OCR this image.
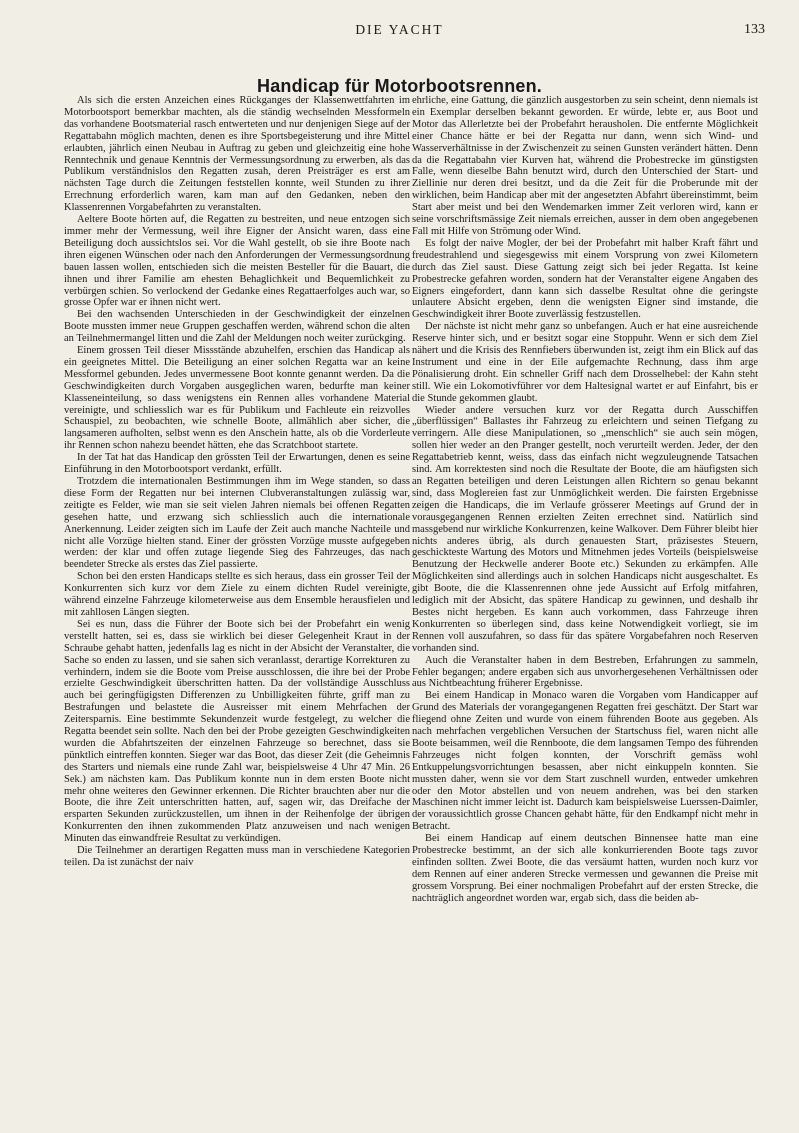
DIE YACHT	133
Handicap für Motorbootsrennen.

Als sich die ersten Anzeichen eines Rückganges der Klassenwettfahrten im Motorbootsport bemerkbar machten, als die ständig wechselnden Messformeln das vorhandene Bootsmaterial rasch entwerteten und nur denjenigen Siege auf der Regattabahn möglich machten, denen es ihre Sportsbegeisterung und ihre Mittel erlaubten, jährlich einen Neubau in Auftrag zu geben und gleichzeitig eine hohe Renntechnik und genaue Kenntnis der Vermessungsordnung zu erwerben, als das Publikum verständnislos den Regatten zusah, deren Preisträger es erst am nächsten Tage durch die Zeitungen feststellen konnte, weil Stunden zu ihrer Errechnung erforderlich waren, kam man auf den Gedanken, neben den Klassenrennen Vorgabefahrten zu veranstalten.

Aeltere Boote hörten auf, die Regatten zu bestreiten, und neue entzogen sich immer mehr der Vermessung, weil ihre Eigner der Ansicht waren, dass eine Beteiligung doch aussichtslos sei. Vor die Wahl gestellt, ob sie ihre Boote nach ihren eigenen Wünschen oder nach den Anforderungen der Vermessungsordnung bauen lassen wollen, entschieden sich die meisten Besteller für die Bauart, die ihnen und ihrer Familie am ehesten Behaglichkeit und Bequemlichkeit zu verbürgen schien. So verlockend der Gedanke eines Regattaerfolges auch war, so grosse Opfer war er ihnen nicht wert.

Bei den wachsenden Unterschieden in der Geschwindigkeit der einzelnen Boote mussten immer neue Gruppen geschaffen werden, während schon die alten an Teilnehmermangel litten und die Zahl der Meldungen noch weiter zurückging.

Einem grossen Teil dieser Missstände abzuhelfen, erschien das Handicap als ein geeignetes Mittel. Die Beteiligung an einer solchen Regatta war an keine Messformel gebunden. Jedes unvermessene Boot konnte genannt werden. Da die Geschwindigkeiten durch Vorgaben ausgeglichen waren, bedurfte man keiner Klasseneinteilung, so dass wenigstens ein Rennen alles vorhandene Material vereinigte, und schliesslich war es für Publikum und Fachleute ein reizvolles Schauspiel, zu beobachten, wie schnelle Boote, allmählich aber sicher, die langsameren aufholten, selbst wenn es den Anschein hatte, als ob die Vorderleute ihr Rennen schon nahezu beendet hätten, ehe das Scratchboot startete.

In der Tat hat das Handicap den grössten Teil der Erwartungen, denen es seine Einführung in den Motorbootsport verdankt, erfüllt.

Trotzdem die internationalen Bestimmungen ihm im Wege standen, so dass diese Form der Regatten nur bei internen Clubveranstaltungen zulässig war, zeitigte es Felder, wie man sie seit vielen Jahren niemals bei offenen Regatten gesehen hatte, und erzwang sich schliesslich auch die internationale Anerkennung. Leider zeigten sich im Laufe der Zeit auch manche Nachteile und nicht alle Vorzüge hielten stand. Einer der grössten Vorzüge musste aufgegeben werden: der klar und offen zutage liegende Sieg des Fahrzeuges, das nach beendeter Strecke als erstes das Ziel passierte.

Schon bei den ersten Handicaps stellte es sich heraus, dass ein grosser Teil der Konkurrenten sich kurz vor dem Ziele zu einem dichten Rudel vereinigte, während einzelne Fahrzeuge kilometerweise aus dem Ensemble herausfielen und mit zahllosen Längen siegten.

Sei es nun, dass die Führer der Boote sich bei der Probefahrt ein wenig verstellt hatten, sei es, dass sie wirklich bei dieser Gelegenheit Kraut in der Schraube gehabt hatten, jedenfalls lag es nicht in der Absicht der Veranstalter, die Sache so enden zu lassen, und sie sahen sich veranlasst, derartige Korrekturen zu verhindern, indem sie die Boote vom Preise ausschlossen, die ihre bei der Probe erzielte Geschwindigkeit überschritten hatten. Da der vollständige Ausschluss auch bei geringfügigsten Differenzen zu Unbilligkeiten führte, griff man zu Bestrafungen und belastete die Ausreisser mit einem Mehrfachen der Zeitersparnis. Eine bestimmte Sekundenzeit wurde festgelegt, zu welcher die Regatta beendet sein sollte. Nach den bei der Probe gezeigten Geschwindigkeiten wurden die Abfahrtszeiten der einzelnen Fahrzeuge so berechnet, dass sie pünktlich eintreffen konnten. Sieger war das Boot, das dieser Zeit (die Geheimnis des Starters und niemals eine runde Zahl war, beispielsweise 4 Uhr 47 Min. 26 Sek.) am nächsten kam. Das Publikum konnte nun in dem ersten Boote nicht mehr ohne weiteres den Gewinner erkennen. Die Richter brauchten aber nur die Boote, die ihre Zeit unterschritten hatten, auf, sagen wir, das Dreifache der ersparten Sekunden zurückzustellen, um ihnen in der Reihenfolge der übrigen Konkurrenten den ihnen zukommenden Platz anzuweisen und nach wenigen Minuten das einwandfreie Resultat zu verkündigen.

Die Teilnehmer an derartigen Regatten muss man in verschiedene Kategorien teilen. Da ist zunächst der naiv

ehrliche, eine Gattung, die gänzlich ausgestorben zu sein scheint, denn niemals ist ein Exemplar derselben bekannt geworden. Er würde, lebte er, aus Boot und Motor das Allerletzte bei der Probefahrt herausholen. Die entfernte Möglichkeit einer Chance hätte er bei der Regatta nur dann, wenn sich Wind- und Wasserverhältnisse in der Zwischenzeit zu seinen Gunsten verändert hätten. Denn da die Regattabahn vier Kurven hat, während die Probestrecke im günstigsten Falle, wenn dieselbe Bahn benutzt wird, durch den Unterschied der Start- und Ziellinie nur deren drei besitzt, und da die Zeit für die Proberunde mit der wirklichen, beim Handicap aber mit der angesetzten Abfahrt übereinstimmt, beim Start aber meist und bei den Wendemarken immer Zeit verloren wird, kann er seine vorschriftsmässige Zeit niemals erreichen, ausser in dem oben angegebenen Fall mit Hilfe von Strömung oder Wind.

Es folgt der naive Mogler, der bei der Probefahrt mit halber Kraft fährt und freudestrahlend und siegesgewiss mit einem Vorsprung von zwei Kilometern durch das Ziel saust. Diese Gattung zeigt sich bei jeder Regatta. Ist keine Probestrecke gefahren worden, sondern hat der Veranstalter eigene Angaben des Eigners eingefordert, dann kann sich dasselbe Resultat ohne die geringste unlautere Absicht ergeben, denn die wenigsten Eigner sind imstande, die Geschwindigkeit ihrer Boote zuverlässig festzustellen.

Der nächste ist nicht mehr ganz so unbefangen. Auch er hat eine ausreichende Reserve hinter sich, und er besitzt sogar eine Stoppuhr. Wenn er sich dem Ziel nähert und die Krisis des Rennfiebers überwunden ist, zeigt ihm ein Blick auf das Instrument und eine in der Eile aufgemachte Rechnung, dass ihm arge Pönalisierung droht. Ein schneller Griff nach dem Drosselhebel: der Kahn steht still. Wie ein Lokomotivführer vor dem Haltesignal wartet er auf Einfahrt, bis er die Stunde gekommen glaubt.

Wieder andere versuchen kurz vor der Regatta durch Ausschiffen „überflüssigen“ Ballastes ihr Fahrzeug zu erleichtern und seinen Tiefgang zu verringern. Alle diese Manipulationen, so „menschlich“ sie auch sein mögen, sollen hier weder an den Pranger gestellt, noch verurteilt werden. Jeder, der den Regattabetrieb kennt, weiss, dass das einfach nicht wegzuleugnende Tatsachen sind. Am korrektesten sind noch die Resultate der Boote, die am häufigsten sich an Regatten beteiligen und deren Leistungen allen Richtern so genau bekannt sind, dass Moglereien fast zur Unmöglichkeit werden. Die fairsten Ergebnisse zeigen die Handicaps, die im Verlaufe grösserer Meetings auf Grund der in vorausgegangenen Rennen erzielten Zeiten errechnet sind. Natürlich sind massgebend nur wirkliche Konkurrenzen, keine Walkover. Dem Führer bleibt hier nichts anderes übrig, als durch genauesten Start, präzisestes Steuern, geschickteste Wartung des Motors und Mitnehmen jedes Vorteils (beispielsweise Benutzung der Heckwelle anderer Boote etc.) Sekunden zu erkämpfen. Alle Möglichkeiten sind allerdings auch in solchen Handicaps nicht ausgeschaltet. Es gibt Boote, die die Klassenrennen ohne jede Aussicht auf Erfolg mitfahren, lediglich mit der Absicht, das spätere Handicap zu gewinnen, und deshalb ihr Bestes nicht hergeben. Es kann auch vorkommen, dass Fahrzeuge ihren Konkurrenten so überlegen sind, dass keine Notwendigkeit vorliegt, sie im Rennen voll auszufahren, so dass für das spätere Vorgabefahren noch Reserven vorhanden sind.

Auch die Veranstalter haben in dem Bestreben, Erfahrungen zu sammeln, Fehler begangen; andere ergaben sich aus unvorhergesehenen Verhältnissen oder aus Nichtbeachtung früherer Ergebnisse.

Bei einem Handicap in Monaco waren die Vorgaben vom Handicapper auf Grund des Materials der vorangegangenen Regatten frei geschätzt. Der Start war fliegend ohne Zeiten und wurde von einem führenden Boote aus gegeben. Als nach mehrfachen vergeblichen Versuchen der Startschuss fiel, waren nicht alle Boote beisammen, weil die Rennboote, die dem langsamen Tempo des führenden Fahrzeuges nicht folgen konnten, der Vorschrift gemäss wohl Entkuppelungsvorrichtungen besassen, aber nicht einkuppeln konnten. Sie mussten daher, wenn sie vor dem Start zuschnell wurden, entweder umkehren oder den Motor abstellen und von neuem andrehen, was bei den starken Maschinen nicht immer leicht ist. Dadurch kam beispielsweise Luerssen-Daimler, der voraussichtlich grosse Chancen gehabt hätte, für den Endkampf nicht mehr in Betracht.

Bei einem Handicap auf einem deutschen Binnensee hatte man eine Probestrecke bestimmt, an der sich alle konkurrierenden Boote tags zuvor einfinden sollten. Zwei Boote, die das versäumt hatten, wurden noch kurz vor dem Rennen auf einer anderen Strecke vermessen und gewannen die Preise mit grossem Vorsprung. Bei einer nochmaligen Probefahrt auf der ersten Strecke, die nachträglich angeordnet worden war, ergab sich, dass die beiden ab-
